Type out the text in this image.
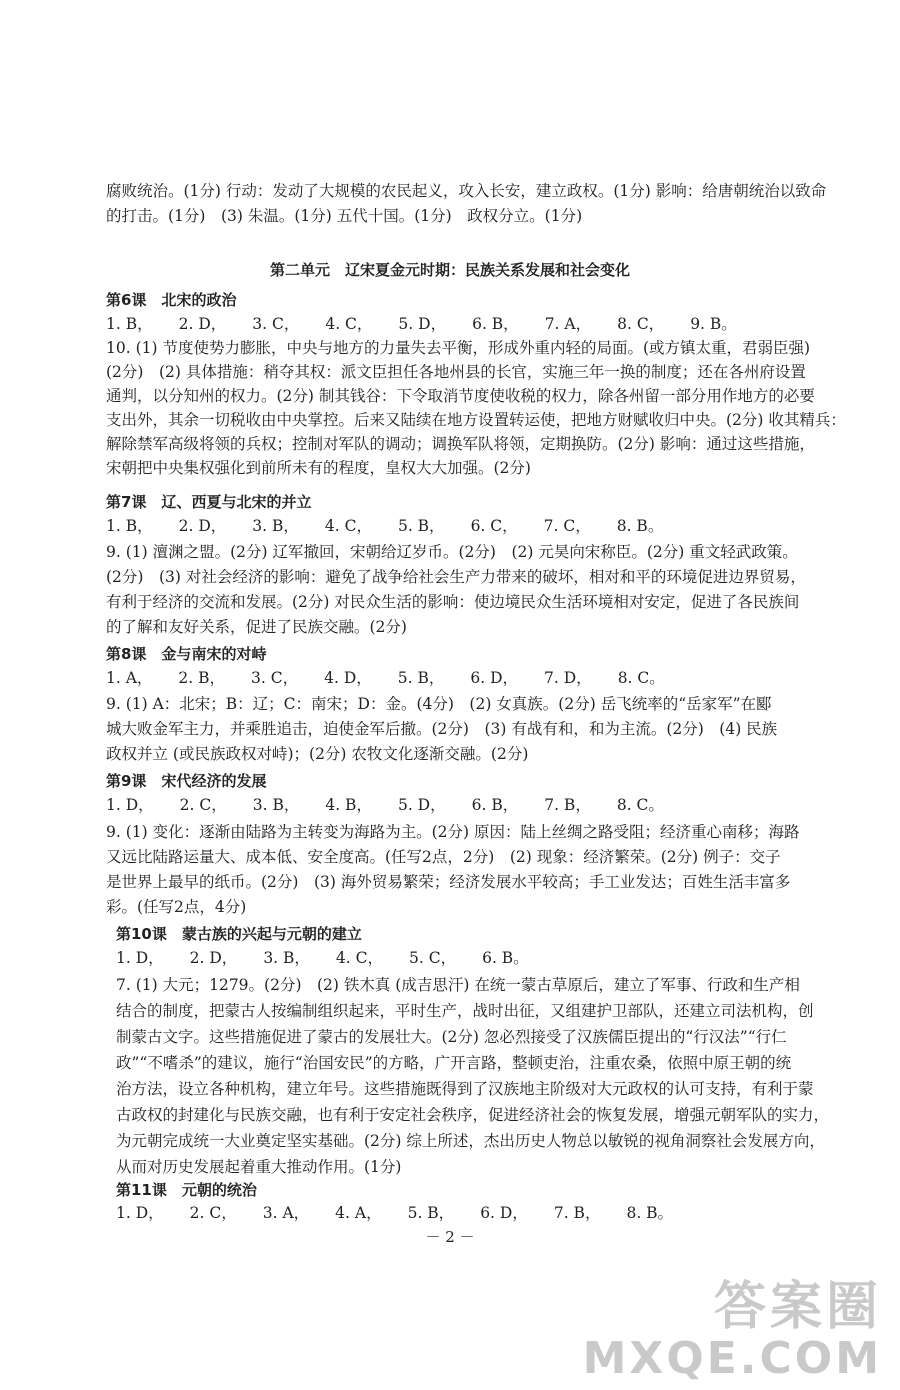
腐败统治。(1分) 行动：发动了大规模的农民起义，攻入长安，建立政权。(1分) 影响：给唐朝统治以致命
的打击。(1分)　(3) 朱温。(1分) 五代十国。(1分)　政权分立。(1分)
第二单元　辽宋夏金元时期：民族关系发展和社会变化
第6课　北宋的政治
1. B， 2. D， 3. C， 4. C， 5. D， 6. B， 7. A， 8. C， 9. B。
10. (1) 节度使势力膨胀，中央与地方的力量失去平衡，形成外重内轻的局面。(或方镇太重，君弱臣强)
(2分)　(2) 具体措施：稍夺其权：派文臣担任各地州县的长官，实施三年一换的制度；还在各州府设置
通判，以分知州的权力。(2分) 制其钱谷：下令取消节度使收税的权力，除各州留一部分用作地方的必要
支出外，其余一切税收由中央掌控。后来又陆续在地方设置转运使，把地方财赋收归中央。(2分) 收其精兵：
解除禁军高级将领的兵权；控制对军队的调动；调换军队将领，定期换防。(2分) 影响：通过这些措施，
宋朝把中央集权强化到前所未有的程度，皇权大大加强。(2分)
第7课　辽、西夏与北宋的并立
1. B， 2. D， 3. B， 4. C， 5. B， 6. C， 7. C， 8. B。
9. (1) 澶渊之盟。(2分) 辽军撤回，宋朝给辽岁币。(2分)　(2) 元昊向宋称臣。(2分) 重文轻武政策。
(2分)　(3) 对社会经济的影响：避免了战争给社会生产力带来的破坏，相对和平的环境促进边界贸易，
有利于经济的交流和发展。(2分) 对民众生活的影响：使边境民众生活环境相对安定，促进了各民族间
的了解和友好关系，促进了民族交融。(2分)
第8课　金与南宋的对峙
1. A， 2. B， 3. C， 4. D， 5. B， 6. D， 7. D， 8. C。
9. (1) A：北宋；B：辽；C：南宋；D：金。(4分)　(2) 女真族。(2分) 岳飞统率的“岳家军”在郾
城大败金军主力，并乘胜追击，迫使金军后撤。(2分)　(3) 有战有和，和为主流。(2分)　(4) 民族
政权并立 (或民族政权对峙)；(2分) 农牧文化逐渐交融。(2分)
第9课　宋代经济的发展
1. D， 2. C， 3. B， 4. B， 5. D， 6. B， 7. B， 8. C。
9. (1) 变化：逐渐由陆路为主转变为海路为主。(2分) 原因：陆上丝绸之路受阻；经济重心南移；海路
又远比陆路运量大、成本低、安全度高。(任写2点，2分)　(2) 现象：经济繁荣。(2分) 例子：交子
是世界上最早的纸币。(2分)　(3) 海外贸易繁荣；经济发展水平较高；手工业发达；百姓生活丰富多
彩。(任写2点，4分)
第10课　蒙古族的兴起与元朝的建立
1. D， 2. D， 3. B， 4. C， 5. C， 6. B。
7. (1) 大元；1279。(2分)　(2) 铁木真 (成吉思汗) 在统一蒙古草原后，建立了军事、行政和生产相
结合的制度，把蒙古人按编制组织起来，平时生产，战时出征，又组建护卫部队，还建立司法机构，创
制蒙古文字。这些措施促进了蒙古的发展壮大。(2分) 忽必烈接受了汉族儒臣提出的“行汉法”“行仁
政”“不嗜杀”的建议，施行“治国安民”的方略，广开言路，整顿吏治，注重农桑，依照中原王朝的统
治方法，设立各种机构，建立年号。这些措施既得到了汉族地主阶级对大元政权的认可支持，有利于蒙
古政权的封建化与民族交融，也有利于安定社会秩序，促进经济社会的恢复发展，增强元朝军队的实力，
为元朝完成统一大业奠定坚实基础。(2分) 综上所述，杰出历史人物总以敏锐的视角洞察社会发展方向，
从而对历史发展起着重大推动作用。(1分)
第11课　元朝的统治
1. D， 2. C， 3. A， 4. A， 5. B， 6. D， 7. B， 8. B。
－ 2 －
答案圈
MXQE.COM
